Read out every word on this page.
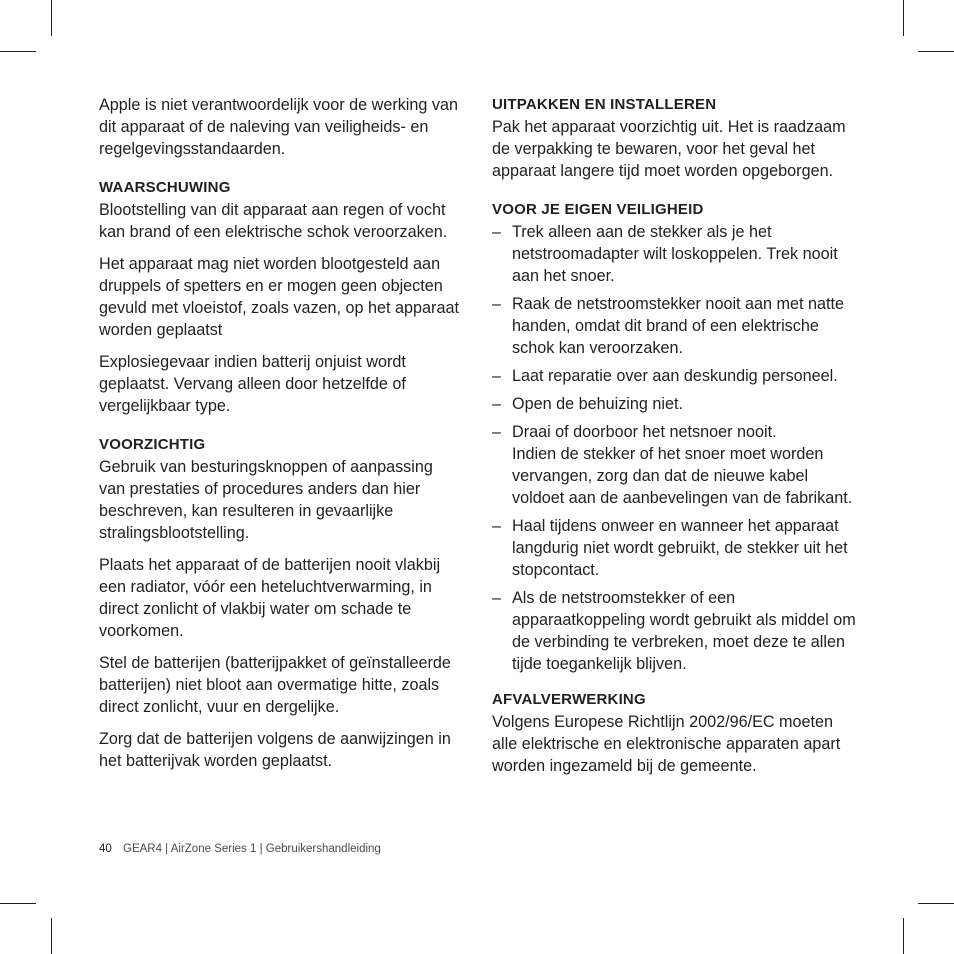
Apple is niet verantwoordelijk voor de werking van dit apparaat of de naleving van veiligheids- en regelgevingsstandaarden.

WAARSCHUWING

Blootstelling van dit apparaat aan regen of vocht kan brand of een elektrische schok veroorzaken.

Het apparaat mag niet worden blootgesteld aan druppels of spetters en er mogen geen objecten gevuld met vloeistof, zoals vazen, op het apparaat worden geplaatst

Explosiegevaar indien batterij onjuist wordt geplaatst. Vervang alleen door hetzelfde of vergelijkbaar type.

VOORZICHTIG

Gebruik van besturingsknoppen of aanpassing van prestaties of procedures anders dan hier beschreven, kan resulteren in gevaarlijke stralingsblootstelling.

Plaats het apparaat of de batterijen nooit vlakbij een radiator, vóór een heteluchtverwarming, in direct zonlicht of vlakbij water om schade te voorkomen.

Stel de batterijen (batterijpakket of geïnstalleerde batterijen) niet bloot aan overmatige hitte, zoals direct zonlicht, vuur en dergelijke.

Zorg dat de batterijen volgens de aanwijzingen in het batterijvak worden geplaatst.

UITPAKKEN EN INSTALLEREN

Pak het apparaat voorzichtig uit. Het is raadzaam de verpakking te bewaren, voor het geval het apparaat langere tijd moet worden opgeborgen.

VOOR JE EIGEN VEILIGHEID
– Trek alleen aan de stekker als je het netstroomadapter wilt loskoppelen. Trek nooit aan het snoer.
– Raak de netstroomstekker nooit aan met natte handen, omdat dit brand of een elektrische schok kan veroorzaken.
– Laat reparatie over aan deskundig personeel.
– Open de behuizing niet.
– Draai of doorboor het netsnoer nooit.
Indien de stekker of het snoer moet worden vervangen, zorg dan dat de nieuwe kabel voldoet aan de aanbevelingen van de fabrikant.
– Haal tijdens onweer en wanneer het apparaat langdurig niet wordt gebruikt, de stekker uit het stopcontact.
– Als de netstroomstekker of een apparaatkoppeling wordt gebruikt als middel om de verbinding te verbreken, moet deze te allen tijde toegankelijk blijven.
AFVALVERWERKING

Volgens Europese Richtlijn 2002/96/EC moeten alle elektrische en elektronische apparaten apart worden ingezameld bij de gemeente.

40 GEAR4 | AirZone Series 1 | Gebruikershandleiding
